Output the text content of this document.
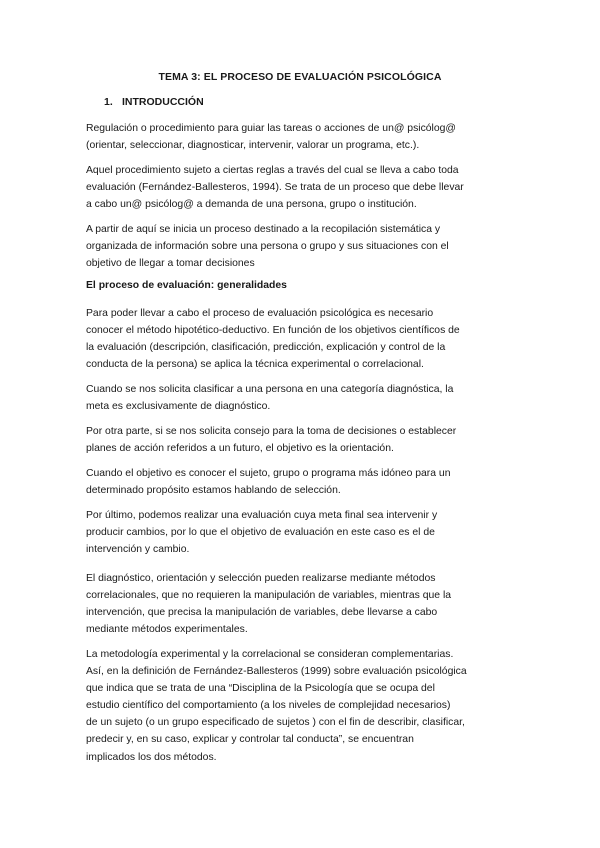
TEMA 3: EL PROCESO DE EVALUACIÓN PSICOLÓGICA
1. INTRODUCCIÓN

Regulación o procedimiento para guiar las tareas o acciones de un@ psicólog@
(orientar, seleccionar, diagnosticar, intervenir, valorar un programa, etc.).

Aquel procedimiento sujeto a ciertas reglas a través del cual se lleva a cabo toda
evaluación (Fernández-Ballesteros, 1994). Se trata de un proceso que debe llevar
a cabo un@ psicólog@ a demanda de una persona, grupo o institución.

A partir de aquí se inicia un proceso destinado a la recopilación sistemática y
organizada de información sobre una persona o grupo y sus situaciones con el
objetivo de llegar a tomar decisiones

El proceso de evaluación: generalidades

Para poder llevar a cabo el proceso de evaluación psicológica es necesario
conocer el método hipotético-deductivo. En función de los objetivos científicos de
la evaluación (descripción, clasificación, predicción, explicación y control de la
conducta de la persona) se aplica la técnica experimental o correlacional.

Cuando se nos solicita clasificar a una persona en una categoría diagnóstica, la
meta es exclusivamente de diagnóstico.

Por otra parte, si se nos solicita consejo para la toma de decisiones o establecer
planes de acción referidos a un futuro, el objetivo es la orientación.

Cuando el objetivo es conocer el sujeto, grupo o programa más idóneo para un
determinado propósito estamos hablando de selección.

Por último, podemos realizar una evaluación cuya meta final sea intervenir y
producir cambios, por lo que el objetivo de evaluación en este caso es el de
intervención y cambio.

El diagnóstico, orientación y selección pueden realizarse mediante métodos
correlacionales, que no requieren la manipulación de variables, mientras que la
intervención, que precisa la manipulación de variables, debe llevarse a cabo
mediante métodos experimentales.

La metodología experimental y la correlacional se consideran complementarias.
Así, en la definición de Fernández-Ballesteros (1999) sobre evaluación psicológica
que indica que se trata de una “Disciplina de la Psicología que se ocupa del
estudio científico del comportamiento (a los niveles de complejidad necesarios)
de un sujeto (o un grupo especificado de sujetos ) con el fin de describir, clasificar,
predecir y, en su caso, explicar y controlar tal conducta”, se encuentran
implicados los dos métodos.
